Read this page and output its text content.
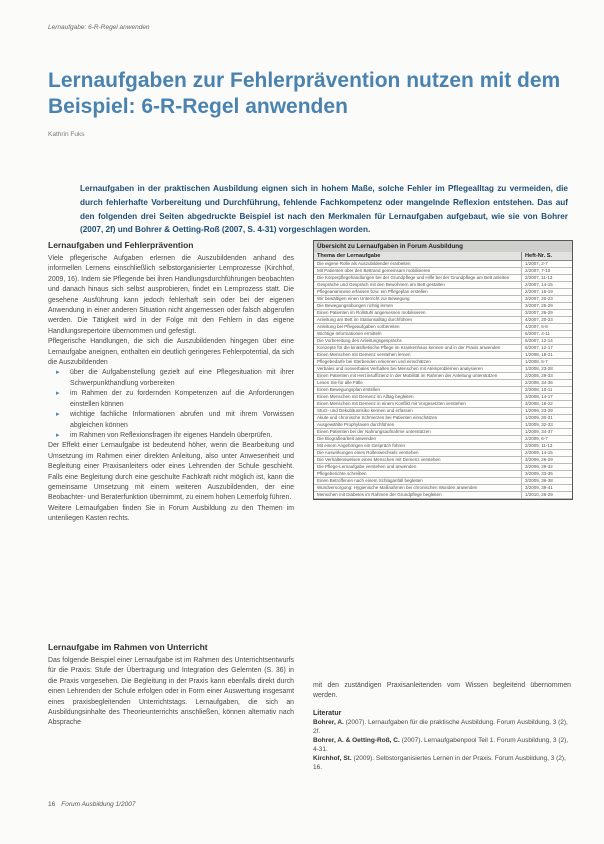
Lernaufgabe: 6-R-Regel anwenden
Lernaufgaben zur Fehlerprävention nutzen mit dem Beispiel: 6-R-Regel anwenden
Kathrin Fuks

Lernaufgaben in der praktischen Ausbildung eignen sich in hohem Maße, solche Fehler im Pflegealltag zu vermeiden, die durch fehlerhafte Vorbereitung und Durchführung, fehlende Fachkompetenz oder mangelnde Reflexion entstehen. Das auf den folgenden drei Seiten abgedruckte Beispiel ist nach den Merkmalen für Lernaufgaben aufgebaut, wie sie von Bohrer (2007, 2f) und Bohrer & Oetting-Roß (2007, S. 4-31) vorgeschlagen worden.

Lernaufgaben und Fehlerprävention

Viele pflegerische Aufgaben erlernen die Auszubildenden anhand des informellen Lernens einschließlich selbstorganisierter Lernprozesse (Kirchhof, 2009, 16). Indem sie Pflegende bei ihren Handlungsdurchführungen beobachten und danach hinaus sich selbst ausprobieren, findet ein Lernprozess statt. Die gesehene Ausführung kann jedoch fehlerhaft sein oder bei der eigenen Anwendung in einer anderen Situation nicht angemessen oder falsch abgerufen werden. Die Tätigkeit wird in der Folge mit den Fehlern in das eigene Handlungsrepertoire übernommen und gefestigt.

Pflegerische Handlungen, die sich die Auszubildenden hingegen über eine Lernaufgabe aneignen, enthalten ein deutlich geringeres Fehlerpotential, da sich die Auszubildenden

▸ über die Aufgabenstellung gezielt auf eine Pflegesituation mit ihrer Schwerpunkthandlung vorbereiten
▸ im Rahmen der zu fordernden Kompetenzen auf die Anforderungen einstellen können
▸ wichtige fachliche Informationen abrufen und mit ihrem Vorwissen abgleichen können
▸ im Rahmen von Reflexionsfragen ihr eigenes Handeln überprüfen.

Der Effekt einer Lernaufgabe ist bedeutend höher, wenn die Bearbeitung und Umsetzung im Rahmen einer direkten Anleitung, also unter Anwesenheit und Begleitung einer Praxisanleiters oder eines Lehrenden der Schule geschieht. Falls eine Begleitung durch eine geschulte Fachkraft nicht möglich ist, kann die gemeinsame Umsetzung mit einem weiteren Auszubildenden, der eine Beobachter- und Beraterfunktion übernimmt, zu einem hohen Lernerfolg führen.

Weitere Lernaufgaben finden Sie in Forum Ausbildung zu den Themen im untenliegen Kasten rechts.

Lernaufgabe im Rahmen von Unterricht

Das folgende Beispiel einer Lernaufgabe ist im Rahmen des Unterrichtsentwurfs für die Praxis: Stufe der Übertragung und Integration des Gelernten (S. 36) in die Praxis vorgesehen. Die Begleitung in der Praxis kann ebenfalls direkt durch einen Lehrenden der Schule erfolgen oder in Form einer Auswertung insgesamt eines praxisbegleitenden Unterrichtstags. Lernaufgaben, die sich an Ausbildungsinhalte des Theorieunterrichts anschließen, können alternativ nach Absprache

Übersicht zu Lernaufgaben in Forum Ausbildung
Thema der Lernaufgabe	Heft-Nr. S.
Die eigene Rolle als Auszubildender erarbeiten	1/2007, 2-7
Mit Patienten über den Bettrand gemeinsam mobilisieren	2/2007, 7-10
Die Körperpflegehandlungen bei der Grundpflege und Hilfe bei der Grundpflege am Bett anleiten	2/2007, 11-13
Gespräche und Gespräch mit den Bewohnern am Bett gestalten	2/2007, 14-15
Pflegeanamnese erfassen bzw. ein Pflegeplan erstellen	2/2007, 15-19
Wir bewältigen einen Unterricht zur Bewegung	3/2007, 20-23
Die Bewegungsübungen richtig lernen	3/2007, 25-29
Einen Patienten im Rollstuhl angemessen mobilisieren	3/2007, 26-29
Anleitung am Bett im Stationsalltag durchführen	4/2007, 20-23
Anleitung bei Pflegeaufgaben vorbereiten	4/2007, 6-8
Wichtige Informationen ermitteln	5/2007, 4-11
Die Vorbereitung des Anleitungsgesprächs	5/2007, 12-14
Konzepte für die kinästhetische Pflege im Krankenhaus kennen und in der Praxis anwenden	6/2007, 12-17
Einen Menschen mit Demenz verstehen lernen	1/2008, 18-21
Pflegebedarfe bei Sterbenden erkennen und einschätzen	1/2008, 5-7
Verbales und nonverbales Verhalten bei Menschen mit Atemproblemen analysieren	1/2008, 23-28
Einen Patienten mit Herzinsuffizienz in der Mobilität im Rahmen der Anleitung unterstützen	2/2008, 29-33
Lesen Sie für alle Fälle	2/2008, 34-36
Einen Bewegungsplan erstellen	2/2008, 10-11
Einen Menschen mit Demenz im Alltag begleiten	3/2008, 14-17
Einen Menschen mit Demenz in einem Konflikt mit Vorgesetzten verstehen	3/2008, 18-22
Sturz- und Dekubitusrisiko kennen und erfassen	1/2009, 23-29
Akute und chronische Schmerzen bei Patienten einschätzen	1/2009, 30-31
Ausgewählte Prophylaxen durchführen	1/2009, 32-33
Einen Patienten bei der Nahrungsaufnahme unterstützen	1/2009, 34-37
Die Biografiearbeit anwenden	2/2009, 6-7
Mit einem Angehörigen ein Gespräch führen	2/2009, 11-13
Die Auswirkungen eines Rollenwechsels verstehen	2/2009, 14-15
Die Verhaltensweisen eines Menschen mit Demenz verstehen	3/2009, 26-29
Die Pflege-Lernaufgabe verstehen und anwenden	3/2009, 29-32
Pflegeberichte schreiben	3/2009, 33-35
Einen Betroffenen nach einem Schlaganfall begleiten	3/2009, 36-38
Wundversorgung: Hygienische Maßnahmen bei chronischen Wunden anwenden	3/2009, 39-41
Menschen mit Diabetes im Rahmen der Grundpflege begleiten	1/2010, 26-29

mit den zuständigen Praxisanleitenden vom Wissen begleitend übernommen werden.

Literatur

Bohrer, A. (2007). Lernaufgaben für die praktische Ausbildung. Forum Ausbildung, 3 (2), 2f.

Bohrer, A. & Oetting-Roß, C. (2007). Lernaufgabenpool Teil 1. Forum Ausbildung, 3 (2), 4-31.

Kirchhof, St. (2009). Selbstorganisiertes Lernen in der Praxis. Forum Ausbildung, 3 (2), 16.

16 Forum Ausbildung 1/2007
